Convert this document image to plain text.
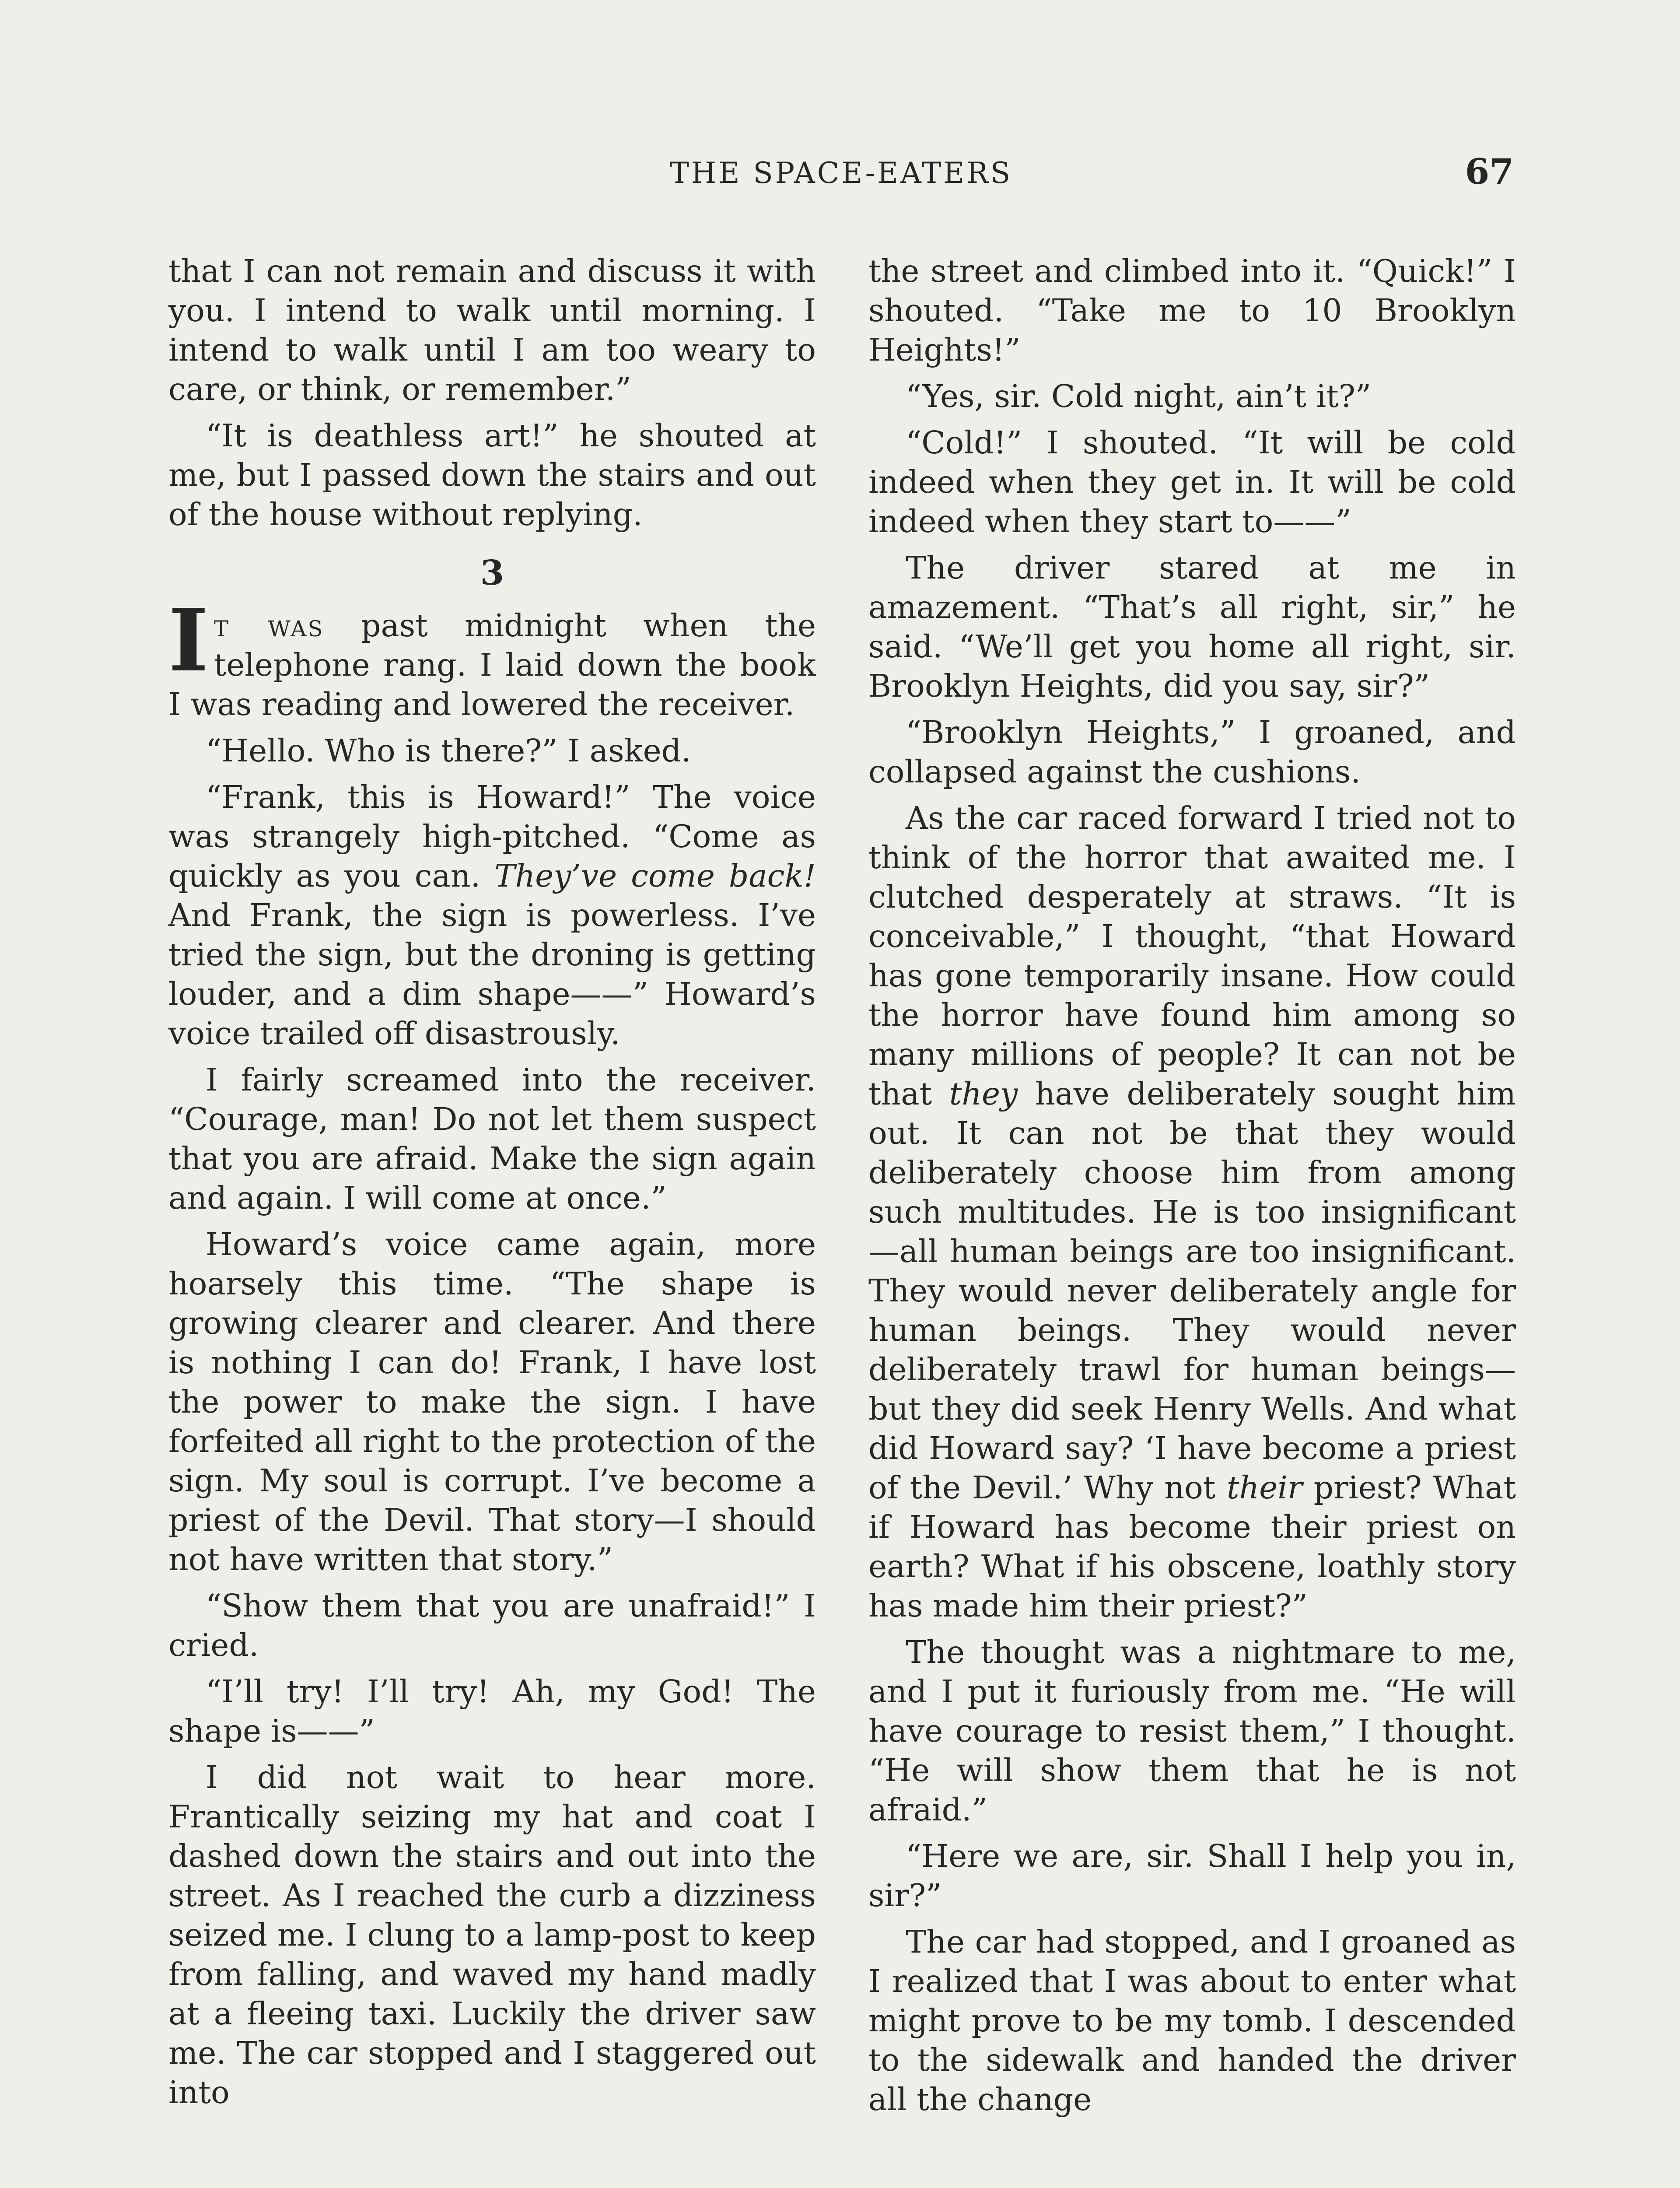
THE SPACE-EATERS	67

that I can not remain and discuss it with you. I intend to walk until morning. I intend to walk until I am too weary to care, or think, or remember.”

“It is deathless art!” he shouted at me, but I passed down the stairs and out of the house without replying.

3

It was past midnight when the telephone rang. I laid down the book I was reading and lowered the receiver.

“Hello. Who is there?” I asked.

“Frank, this is Howard!” The voice was strangely high-pitched. “Come as quickly as you can. They’ve come back! And Frank, the sign is powerless. I’ve tried the sign, but the droning is getting louder, and a dim shape——” Howard’s voice trailed off disastrously.

I fairly screamed into the receiver. “Courage, man! Do not let them suspect that you are afraid. Make the sign again and again. I will come at once.”

Howard’s voice came again, more hoarsely this time. “The shape is growing clearer and clearer. And there is nothing I can do! Frank, I have lost the power to make the sign. I have forfeited all right to the protection of the sign. My soul is corrupt. I’ve become a priest of the Devil. That story—I should not have written that story.”

“Show them that you are unafraid!” I cried.

“I’ll try! I’ll try! Ah, my God! The shape is——”

I did not wait to hear more. Frantically seizing my hat and coat I dashed down the stairs and out into the street. As I reached the curb a dizziness seized me. I clung to a lamp-post to keep from falling, and waved my hand madly at a fleeing taxi. Luckily the driver saw me. The car stopped and I staggered out into

the street and climbed into it. “Quick!” I shouted. “Take me to 10 Brooklyn Heights!”

“Yes, sir. Cold night, ain’t it?”

“Cold!” I shouted. “It will be cold indeed when they get in. It will be cold indeed when they start to——”

The driver stared at me in amazement. “That’s all right, sir,” he said. “We’ll get you home all right, sir. Brooklyn Heights, did you say, sir?”

“Brooklyn Heights,” I groaned, and collapsed against the cushions.

As the car raced forward I tried not to think of the horror that awaited me. I clutched desperately at straws. “It is conceivable,” I thought, “that Howard has gone temporarily insane. How could the horror have found him among so many millions of people? It can not be that they have deliberately sought him out. It can not be that they would deliberately choose him from among such multitudes. He is too insignificant—all human beings are too insignificant. They would never deliberately angle for human beings. They would never deliberately trawl for human beings—but they did seek Henry Wells. And what did Howard say? ‘I have become a priest of the Devil.’ Why not their priest? What if Howard has become their priest on earth? What if his obscene, loathly story has made him their priest?”

The thought was a nightmare to me, and I put it furiously from me. “He will have courage to resist them,” I thought. “He will show them that he is not afraid.”

“Here we are, sir. Shall I help you in, sir?”

The car had stopped, and I groaned as I realized that I was about to enter what might prove to be my tomb. I descended to the sidewalk and handed the driver all the change
